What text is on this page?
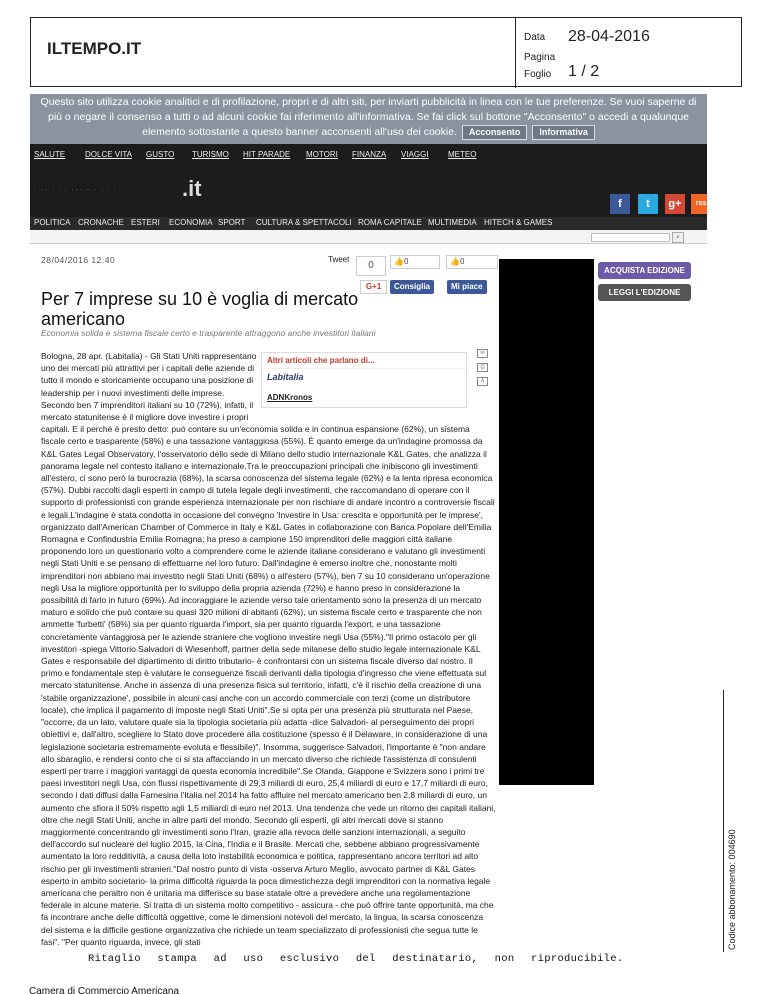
ILTEMPO.IT
Data 28-04-2016
Pagina
Foglio 1 / 2
Questo sito utilizza cookie analitici e di profilazione, propri e di altri siti, per inviarti pubblicità in linea con le tue preferenze. Se vuoi saperne di più o negare il consenso a tutti o ad alcuni cookie fai riferimento all'informativa. Se fai click sul bottone "Acconsento" o accedi a qualunque elemento sottostante a questo banner acconsenti all'uso dei cookie. Acconsento Informativa
SALUTE DOLCE VITA GUSTO TURISMO HIT PARADE MOTORI FINANZA VIAGGI METEO
· ·· · ·· ··· · · ·· ·	.it
f	t	g+	rss
POLITICA CRONACHE ESTERI ECONOMIA SPORT CULTURA & SPETTACOLI ROMA CAPITALE MULTIMEDIA HITECH & GAMES
⌕
28/04/2016 12:40	Tweet
0	👍0	👍0
G+1	Consiglia	Mi piace
Per 7 imprese su 10 è voglia di mercato americano
Economia solida e sistema fiscale certo e trasparente attraggono anche investitori italiani
ACQUISTA EDIZIONE
LEGGI L'EDIZIONE
✉
⎙
A
Bologna, 28 apr. (Labitalia) - Gli Stati Uniti rappresentano uno dei mercati più attrattivi per i capitali delle aziende di tutto il mondo e storicamente occupano una posizione di leadership per i nuovi investimenti delle imprese. Secondo ben 7 imprenditori italiani su 10 (72%), infatti, il mercato statunitense è il migliore dove investire i propri capitali. E il perché è presto detto: può contare su un'economia solida e in continua espansione (62%), un sistema fiscale certo e trasparente (58%) e una tassazione vantaggiosa (55%). È quanto emerge da un'indagine promossa da K&L Gates Legal Observatory, l'osservatorio dello sede di Milano dello studio internazionale K&L Gates, che analizza il panorama legale nel contesto italiano e internazionale.Tra le preoccupazioni principali che inibiscono gli investimenti all'estero, ci sono però la burocrazia (68%), la scarsa conoscenza del sistema legale (62%) e la lenta ripresa economica (57%). Dubbi raccolti dagli esperti in campo di tutela legale degli investimenti, che raccomandano di operare con il supporto di professionisti con grande esperienza internazionale per non rischiare di andare incontro a controversie fiscali e legali.L'indagine è stata condotta in occasione del convegno 'Investire in Usa: crescita e opportunità per le imprese', organizzato dall'American Chamber of Commerce in Italy e K&L Gates in collaborazione con Banca Popolare dell'Emilia Romagna e Confindustria Emilia Romagna; ha preso a campione 150 imprenditori delle maggiori città italiane proponendo loro un questionario volto a comprendere come le aziende italiane considerano e valutano gli investimenti negli Stati Uniti e se pensano di effettuarne nel loro futuro. Dall'indagine è emerso inoltre che, nonostante molti imprenditori non abbiano mai investito negli Stati Uniti (68%) o all'estero (57%), ben 7 su 10 considerano un'operazione negli Usa la migliore opportunità per lo sviluppo della propria azienda (72%) e hanno preso in considerazione la possibilità di farlo in futuro (69%). Ad incoraggiare le aziende verso tale orientamento sono la presenza di un mercato maturo e solido che può contare su quasi 320 milioni di abitanti (62%), un sistema fiscale certo e trasparente che non ammette 'furbetti' (58%) sia per quanto riguarda l'import, sia per quanto riguarda l'export, e una tassazione concretamente vantaggiosa per le aziende straniere che vogliono investire negli Usa (55%)."Il primo ostacolo per gli investitori -spiega Vittorio Salvadori di Wiesenhoff, partner della sede milanese dello studio legale internazionale K&L Gates e responsabile del dipartimento di diritto tributario- è confrontarsi con un sistema fiscale diverso dal nostro. Il primo e fondamentale step è valutare le conseguenze fiscali derivanti dalla tipologia d'ingresso che viene effettuata sul mercato statunitense. Anche in assenza di una presenza fisica sul territorio, infatti, c'è il rischio della creazione di una 'stabile organizzazione', possibile in alcuni casi anche con un accordo commerciale con terzi (come un distributore locale), che implica il pagamento di imposte negli Stati Uniti".Se si opta per una presenza più strutturata nel Paese, "occorre, da un lato, valutare quale sia la tipologia societaria più adatta -dice Salvadori- al perseguimento dei propri obiettivi e, dall'altro, scegliere lo Stato dove procedere alla costituzione (spesso è il Delaware, in considerazione di una legislazione societaria estremamente evoluta e flessibile)". Insomma, suggerisce Salvadori, l'importante è "non andare allo sbaraglio, e rendersi conto che ci si sta affacciando in un mercato diverso che richiede l'assistenza di consulenti esperti per trarre i maggiori vantaggi da questa economia incredibile".Se Olanda, Giappone e Svizzera sono i primi tre paesi investitori negli Usa, con flussi rispettivamente di 29,3 miliardi di euro, 25,4 miliardi di euro e 17,7 miliardi di euro, secondo i dati diffusi dalla Farnesina l'Italia nel 2014 ha fatto affluire nel mercato americano ben 2,8 miliardi di euro, un aumento che sfiora il 50% rispetto agli 1,5 miliardi di euro nel 2013. Una tendenza che vede un ritorno dei capitali italiani, oltre che negli Stati Uniti, anche in altre parti del mondo. Secondo gli esperti, gli altri mercati dove si stanno maggiormente concentrando gli investimenti sono l'Iran, grazie alla revoca delle sanzioni internazionali, a seguito dell'accordo sul nucleare del luglio 2015, la Cina, l'India e il Brasile. Mercati che, sebbene abbiano progressivamente aumentato la loro redditività, a causa della loto instabilità economica e politica, rappresentano ancora territori ad alto rischio per gli investimenti stranieri."Dal nostro punto di vista -osserva Arturo Meglio, avvocato partner di K&L Gates esperto in ambito societario- la prima difficoltà riguarda la poca dimestichezza degli imprenditori con la normativa legale americana che peraltro non è unitaria ma differisce su base statale oltre a prevedere anche una regolamentazione federale in alcune materie. Si tratta di un sistema molto competitivo - assicura - che può offrire tante opportunità, ma che fa incontrare anche delle difficoltà oggettive, come le dimensioni notevoli del mercato, la lingua, la scarsa conoscenza del sistema e la difficile gestione organizzativa che richiede un team specializzato di professionisti che segua tutte le fasi". "Per quanto riguarda, invece, gli stati
Altri articoli che parlano di...
Labitalia
ADNKronos
Codice abbonamento: 004690
Ritaglio stampa ad uso esclusivo del destinatario, non riproducibile.
Camera di Commercio Americana
